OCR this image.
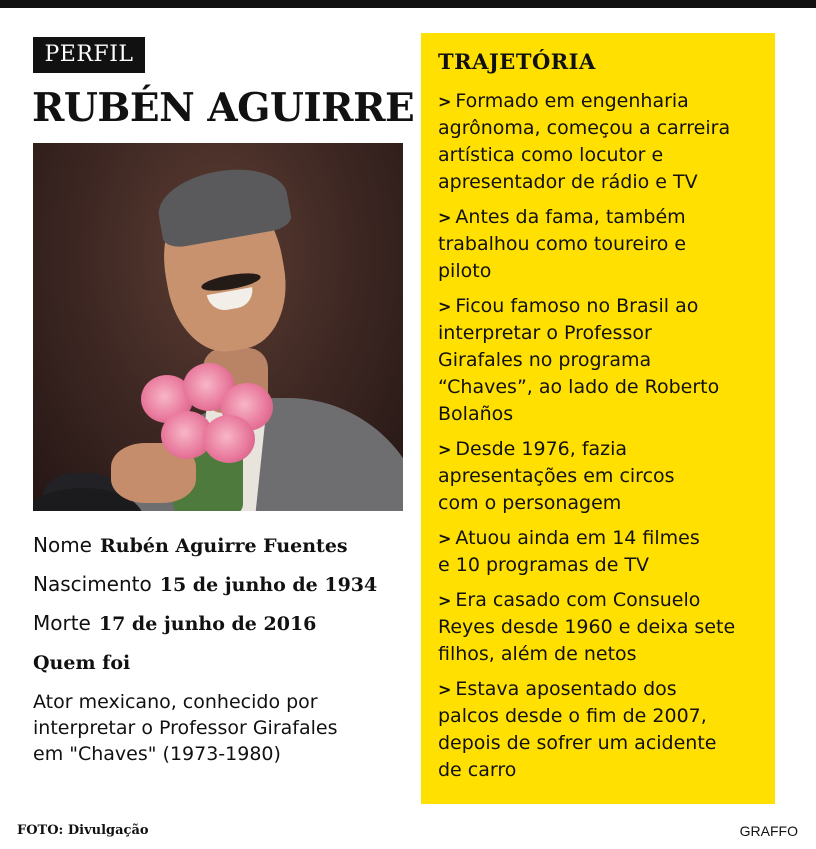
PERFIL
RUBÉN AGUIRRE
Nome Rubén Aguirre Fuentes
Nascimento 15 de junho de 1934
Morte 17 de junho de 2016
Quem foi
Ator mexicano, conhecido por
interpretar o Professor Girafales
em "Chaves" (1973-1980)
TRAJETÓRIA
> Formado em engenharia
agrônoma, começou a carreira
artística como locutor e
apresentador de rádio e TV
> Antes da fama, também
trabalhou como toureiro e
piloto
> Ficou famoso no Brasil ao
interpretar o Professor
Girafales no programa
“Chaves”, ao lado de Roberto
Bolaños
> Desde 1976, fazia
apresentações em circos
com o personagem
> Atuou ainda em 14 filmes
e 10 programas de TV
> Era casado com Consuelo
Reyes desde 1960 e deixa sete
filhos, além de netos
> Estava aposentado dos
palcos desde o fim de 2007,
depois de sofrer um acidente
de carro
FOTO: Divulgação	GRAFFO
